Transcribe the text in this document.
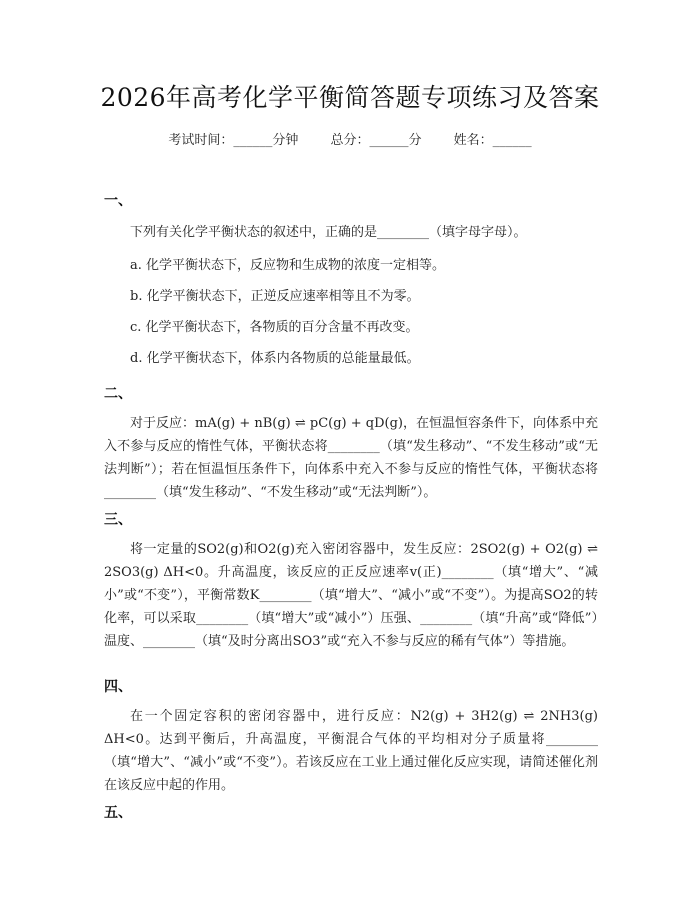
2026年高考化学平衡简答题专项练习及答案
考试时间：______分钟 总分：______分 姓名：______
一、
下列有关化学平衡状态的叙述中，正确的是________（填字母字母）。
a. 化学平衡状态下，反应物和生成物的浓度一定相等。
b. 化学平衡状态下，正逆反应速率相等且不为零。
c. 化学平衡状态下，各物质的百分含量不再改变。
d. 化学平衡状态下，体系内各物质的总能量最低。
二、
对于反应：mA(g) + nB(g) ⇌ pC(g) + qD(g)，在恒温恒容条件下，向体系中充入不参与反应的惰性气体，平衡状态将________（填“发生移动”、“不发生移动”或“无法判断”）；若在恒温恒压条件下，向体系中充入不参与反应的惰性气体，平衡状态将________（填“发生移动”、“不发生移动”或“无法判断”）。
三、
将一定量的SO2(g)和O2(g)充入密闭容器中，发生反应：2SO2(g) + O2(g) ⇌ 2SO3(g) ΔH<0。升高温度，该反应的正反应速率v(正)________（填“增大”、“减小”或“不变”），平衡常数K________（填“增大”、“减小”或“不变”）。为提高SO2的转化率，可以采取________（填“增大”或“减小”）压强、________（填“升高”或“降低”）温度、________（填“及时分离出SO3”或“充入不参与反应的稀有气体”）等措施。
四、
在一个固定容积的密闭容器中，进行反应：N2(g) + 3H2(g) ⇌ 2NH3(g) ΔH<0。达到平衡后，升高温度，平衡混合气体的平均相对分子质量将________（填“增大”、“减小”或“不变”）。若该反应在工业上通过催化反应实现，请简述催化剂在该反应中起的作用。
五、
